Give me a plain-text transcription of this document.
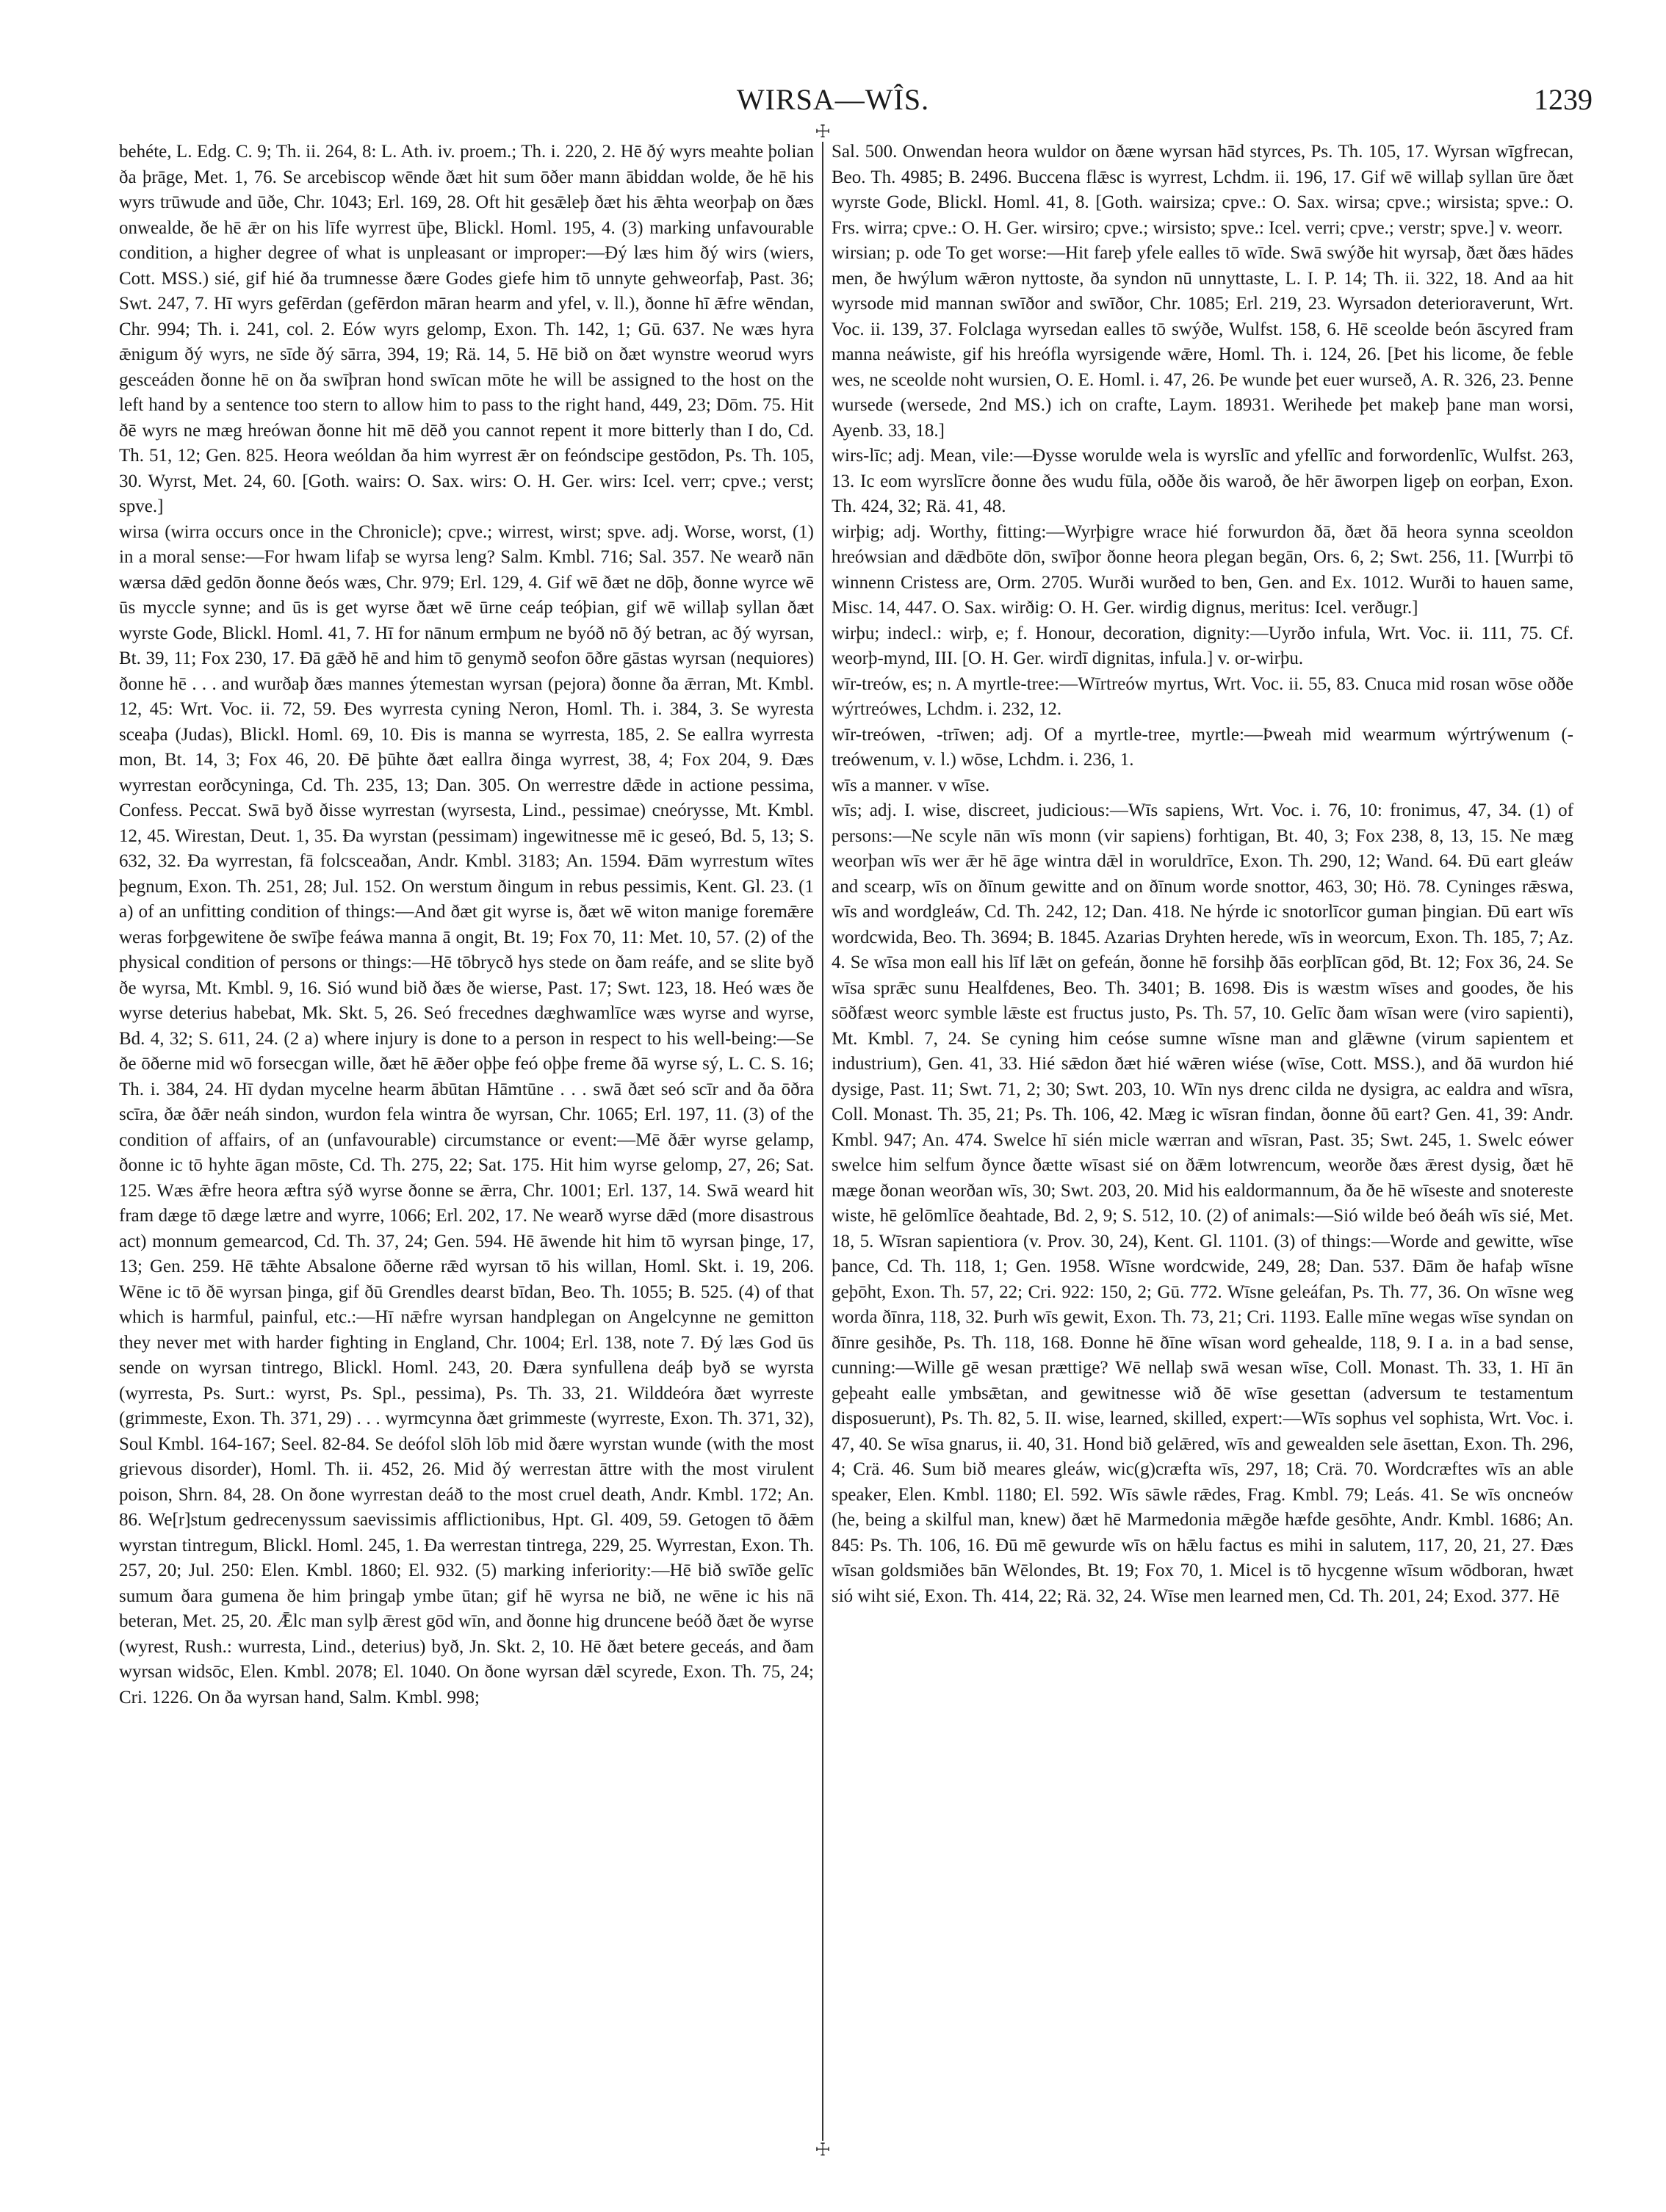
WIRSA—WÎS.	1239
☩
☩

behéte, L. Edg. C. 9; Th. ii. 264, 8: L. Ath. iv. proem.; Th. i. 220, 2. Hē ðý wyrs meahte þolian ða þrāge, Met. 1, 76. Se arcebiscop wēnde ðæt hit sum ōðer mann ābiddan wolde, ðe hē his wyrs trūwude and ūðe, Chr. 1043; Erl. 169, 28. Oft hit gesǣleþ ðæt his ǣhta weorþaþ on ðæs onwealde, ðe hē ǣr on his līfe wyrrest ūþe, Blickl. Homl. 195, 4. (3) marking unfavourable condition, a higher degree of what is unpleasant or improper:—Ðý læs him ðý wirs (wiers, Cott. MSS.) sié, gif hié ða trumnesse ðære Godes giefe him tō unnyte gehweorfaþ, Past. 36; Swt. 247, 7. Hī wyrs gefērdan (gefērdon māran hearm and yfel, v. ll.), ðonne hī ǣfre wēndan, Chr. 994; Th. i. 241, col. 2. Eów wyrs gelomp, Exon. Th. 142, 1; Gū. 637. Ne wæs hyra ǣnigum ðý wyrs, ne sīde ðý sārra, 394, 19; Rä. 14, 5. Hē bið on ðæt wynstre weorud wyrs gesceáden ðonne hē on ða swīþran hond swīcan mōte he will be assigned to the host on the left hand by a sentence too stern to allow him to pass to the right hand, 449, 23; Dōm. 75. Hit ðē wyrs ne mæg hreówan ðonne hit mē dēð you cannot repent it more bitterly than I do, Cd. Th. 51, 12; Gen. 825. Heora weóldan ða him wyrrest ǣr on feóndscipe gestōdon, Ps. Th. 105, 30. Wyrst, Met. 24, 60. [Goth. wairs: O. Sax. wirs: O. H. Ger. wirs: Icel. verr; cpve.; verst; spve.]

wirsa (wirra occurs once in the Chronicle); cpve.; wirrest, wirst; spve. adj. Worse, worst, (1) in a moral sense:—For hwam lifaþ se wyrsa leng? Salm. Kmbl. 716; Sal. 357. Ne wearð nān wærsa dǣd gedōn ðonne ðeós wæs, Chr. 979; Erl. 129, 4. Gif wē ðæt ne dōþ, ðonne wyrce wē ūs myccle synne; and ūs is get wyrse ðæt wē ūrne ceáp teóþian, gif wē willaþ syllan ðæt wyrste Gode, Blickl. Homl. 41, 7. Hī for nānum ermþum ne byóð nō ðý betran, ac ðý wyrsan, Bt. 39, 11; Fox 230, 17. Ðā gǣð hē and him tō genymð seofon ōðre gāstas wyrsan (nequiores) ðonne hē . . . and wurðaþ ðæs mannes ýtemestan wyrsan (pejora) ðonne ða ǣrran, Mt. Kmbl. 12, 45: Wrt. Voc. ii. 72, 59. Ðes wyrresta cyning Neron, Homl. Th. i. 384, 3. Se wyresta sceaþa (Judas), Blickl. Homl. 69, 10. Ðis is manna se wyrresta, 185, 2. Se eallra wyrresta mon, Bt. 14, 3; Fox 46, 20. Ðē þūhte ðæt eallra ðinga wyrrest, 38, 4; Fox 204, 9. Ðæs wyrrestan eorðcyninga, Cd. Th. 235, 13; Dan. 305. On werrestre dǣde in actione pessima, Confess. Peccat. Swā byð ðisse wyrrestan (wyrsesta, Lind., pessimae) cneórysse, Mt. Kmbl. 12, 45. Wirestan, Deut. 1, 35. Ða wyrstan (pessimam) ingewitnesse mē ic geseó, Bd. 5, 13; S. 632, 32. Ða wyrrestan, fā folcsceaðan, Andr. Kmbl. 3183; An. 1594. Ðām wyrrestum wītes þegnum, Exon. Th. 251, 28; Jul. 152. On werstum ðingum in rebus pessimis, Kent. Gl. 23. (1 a) of an unfitting condition of things:—And ðæt git wyrse is, ðæt wē witon manige foremǣre weras forþgewitene ðe swīþe feáwa manna ā ongit, Bt. 19; Fox 70, 11: Met. 10, 57. (2) of the physical condition of persons or things:—Hē tōbrycð hys stede on ðam reáfe, and se slite byð ðe wyrsa, Mt. Kmbl. 9, 16. Sió wund bið ðæs ðe wierse, Past. 17; Swt. 123, 18. Heó wæs ðe wyrse deterius habebat, Mk. Skt. 5, 26. Seó frecednes dæghwamlīce wæs wyrse and wyrse, Bd. 4, 32; S. 611, 24. (2 a) where injury is done to a person in respect to his well-being:—Se ðe ōðerne mid wō forsecgan wille, ðæt hē ǣðer oþþe feó oþþe freme ðā wyrse sý, L. C. S. 16; Th. i. 384, 24. Hī dydan mycelne hearm ābūtan Hāmtūne . . . swā ðæt seó scīr and ða ōðra scīra, ðæ ðǣr neáh sindon, wurdon fela wintra ðe wyrsan, Chr. 1065; Erl. 197, 11. (3) of the condition of affairs, of an (unfavourable) circumstance or event:—Mē ðǣr wyrse gelamp, ðonne ic tō hyhte āgan mōste, Cd. Th. 275, 22; Sat. 175. Hit him wyrse gelomp, 27, 26; Sat. 125. Wæs ǣfre heora æftra sýð wyrse ðonne se ǣrra, Chr. 1001; Erl. 137, 14. Swā weard hit fram dæge tō dæge lætre and wyrre, 1066; Erl. 202, 17. Ne wearð wyrse dǣd (more disastrous act) monnum gemearcod, Cd. Th. 37, 24; Gen. 594. Hē āwende hit him tō wyrsan þinge, 17, 13; Gen. 259. Hē tǣhte Absalone ōðerne rǣd wyrsan tō his willan, Homl. Skt. i. 19, 206. Wēne ic tō ðē wyrsan þinga, gif ðū Grendles dearst bīdan, Beo. Th. 1055; B. 525. (4) of that which is harmful, painful, etc.:—Hī nǣfre wyrsan handplegan on Angelcynne ne gemitton they never met with harder fighting in England, Chr. 1004; Erl. 138, note 7. Ðý læs God ūs sende on wyrsan tintrego, Blickl. Homl. 243, 20. Ðæra synfullena deáþ byð se wyrsta (wyrresta, Ps. Surt.: wyrst, Ps. Spl., pessima), Ps. Th. 33, 21. Wilddeóra ðæt wyrreste (grimmeste, Exon. Th. 371, 29) . . . wyrmcynna ðæt grimmeste (wyrreste, Exon. Th. 371, 32), Soul Kmbl. 164-167; Seel. 82-84. Se deófol slōh lōb mid ðære wyrstan wunde (with the most grievous disorder), Homl. Th. ii. 452, 26. Mid ðý werrestan āttre with the most virulent poison, Shrn. 84, 28. On ðone wyrrestan deáð to the most cruel death, Andr. Kmbl. 172; An. 86. We[r]stum gedrecenyssum saevissimis afflictionibus, Hpt. Gl. 409, 59. Getogen tō ðǣm wyrstan tintregum, Blickl. Homl. 245, 1. Ða werrestan tintrega, 229, 25. Wyrrestan, Exon. Th. 257, 20; Jul. 250: Elen. Kmbl. 1860; El. 932. (5) marking inferiority:—Hē bið swīðe gelīc sumum ðara gumena ðe him þringaþ ymbe ūtan; gif hē wyrsa ne bið, ne wēne ic his nā beteran, Met. 25, 20. Ǣlc man sylþ ǣrest gōd wīn, and ðonne hig druncene beóð ðæt ðe wyrse (wyrest, Rush.: wurresta, Lind., deterius) byð, Jn. Skt. 2, 10. Hē ðæt betere geceás, and ðam wyrsan widsōc, Elen. Kmbl. 2078; El. 1040. On ðone wyrsan dǣl scyrede, Exon. Th. 75, 24; Cri. 1226. On ða wyrsan hand, Salm. Kmbl. 998;

Sal. 500. Onwendan heora wuldor on ðæne wyrsan hād styrces, Ps. Th. 105, 17. Wyrsan wīgfrecan, Beo. Th. 4985; B. 2496. Buccena flǣsc is wyrrest, Lchdm. ii. 196, 17. Gif wē willaþ syllan ūre ðæt wyrste Gode, Blickl. Homl. 41, 8. [Goth. wairsiza; cpve.: O. Sax. wirsa; cpve.; wirsista; spve.: O. Frs. wirra; cpve.: O. H. Ger. wirsiro; cpve.; wirsisto; spve.: Icel. verri; cpve.; verstr; spve.] v. weorr.

wirsian; p. ode To get worse:—Hit fareþ yfele ealles tō wīde. Swā swýðe hit wyrsaþ, ðæt ðæs hādes men, ðe hwýlum wǣron nyttoste, ða syndon nū unnyttaste, L. I. P. 14; Th. ii. 322, 18. And aa hit wyrsode mid mannan swīðor and swīðor, Chr. 1085; Erl. 219, 23. Wyrsadon deterioraverunt, Wrt. Voc. ii. 139, 37. Folclaga wyrsedan ealles tō swýðe, Wulfst. 158, 6. Hē sceolde beón āscyred fram manna neáwiste, gif his hreófla wyrsigende wǣre, Homl. Th. i. 124, 26. [Þet his licome, ðe feble wes, ne sceolde noht wursien, O. E. Homl. i. 47, 26. Þe wunde þet euer wurseð, A. R. 326, 23. Þenne wursede (wersede, 2nd MS.) ich on crafte, Laym. 18931. Werihede þet makeþ þane man worsi, Ayenb. 33, 18.]

wirs-līc; adj. Mean, vile:—Ðysse worulde wela is wyrslīc and yfellīc and forwordenlīc, Wulfst. 263, 13. Ic eom wyrslīcre ðonne ðes wudu fūla, oððe ðis waroð, ðe hēr āworpen ligeþ on eorþan, Exon. Th. 424, 32; Rä. 41, 48.

wirþig; adj. Worthy, fitting:—Wyrþigre wrace hié forwurdon ðā, ðæt ðā heora synna sceoldon hreówsian and dǣdbōte dōn, swīþor ðonne heora plegan begān, Ors. 6, 2; Swt. 256, 11. [Wurrþi tō winnenn Cristess are, Orm. 2705. Wurði wurðed to ben, Gen. and Ex. 1012. Wurði to hauen same, Misc. 14, 447. O. Sax. wirðig: O. H. Ger. wirdig dignus, meritus: Icel. verðugr.]

wirþu; indecl.: wirþ, e; f. Honour, decoration, dignity:—Uyrðo infula, Wrt. Voc. ii. 111, 75. Cf. weorþ-mynd, III. [O. H. Ger. wirdī dignitas, infula.] v. or-wirþu.

wīr-treów, es; n. A myrtle-tree:—Wīrtreów myrtus, Wrt. Voc. ii. 55, 83. Cnuca mid rosan wōse oððe wýrtreówes, Lchdm. i. 232, 12.

wīr-treówen, -trīwen; adj. Of a myrtle-tree, myrtle:—Þweah mid wearmum wýrtrýwenum (-treówenum, v. l.) wōse, Lchdm. i. 236, 1.

wīs a manner. v wīse.

wīs; adj. I. wise, discreet, judicious:—Wīs sapiens, Wrt. Voc. i. 76, 10: fronimus, 47, 34. (1) of persons:—Ne scyle nān wīs monn (vir sapiens) forhtigan, Bt. 40, 3; Fox 238, 8, 13, 15. Ne mæg weorþan wīs wer ǣr hē āge wintra dǣl in woruldrīce, Exon. Th. 290, 12; Wand. 64. Ðū eart gleáw and scearp, wīs on ðīnum gewitte and on ðīnum worde snottor, 463, 30; Hö. 78. Cyninges rǣswa, wīs and wordgleáw, Cd. Th. 242, 12; Dan. 418. Ne hýrde ic snotorlīcor guman þingian. Ðū eart wīs wordcwida, Beo. Th. 3694; B. 1845. Azarias Dryhten herede, wīs in weorcum, Exon. Th. 185, 7; Az. 4. Se wīsa mon eall his līf lǣt on gefeán, ðonne hē forsihþ ðās eorþlīcan gōd, Bt. 12; Fox 36, 24. Se wīsa sprǣc sunu Healfdenes, Beo. Th. 3401; B. 1698. Ðis is wæstm wīses and goodes, ðe his sōðfæst weorc symble lǣste est fructus justo, Ps. Th. 57, 10. Gelīc ðam wīsan were (viro sapienti), Mt. Kmbl. 7, 24. Se cyning him ceóse sumne wīsne man and glǣwne (virum sapientem et industrium), Gen. 41, 33. Hié sǣdon ðæt hié wǣren wiése (wīse, Cott. MSS.), and ðā wurdon hié dysige, Past. 11; Swt. 71, 2; 30; Swt. 203, 10. Wīn nys drenc cilda ne dysigra, ac ealdra and wīsra, Coll. Monast. Th. 35, 21; Ps. Th. 106, 42. Mæg ic wīsran findan, ðonne ðū eart? Gen. 41, 39: Andr. Kmbl. 947; An. 474. Swelce hī sién micle wærran and wīsran, Past. 35; Swt. 245, 1. Swelc eówer swelce him selfum ðynce ðætte wīsast sié on ðǣm lotwrencum, weorðe ðæs ǣrest dysig, ðæt hē mæge ðonan weorðan wīs, 30; Swt. 203, 20. Mid his ealdormannum, ða ðe hē wīseste and snotereste wiste, hē gelōmlīce ðeahtade, Bd. 2, 9; S. 512, 10. (2) of animals:—Sió wilde beó ðeáh wīs sié, Met. 18, 5. Wīsran sapientiora (v. Prov. 30, 24), Kent. Gl. 1101. (3) of things:—Worde and gewitte, wīse þance, Cd. Th. 118, 1; Gen. 1958. Wīsne wordcwide, 249, 28; Dan. 537. Ðām ðe hafaþ wīsne geþōht, Exon. Th. 57, 22; Cri. 922: 150, 2; Gū. 772. Wīsne geleáfan, Ps. Th. 77, 36. On wīsne weg worda ðīnra, 118, 32. Þurh wīs gewit, Exon. Th. 73, 21; Cri. 1193. Ealle mīne wegas wīse syndan on ðīnre gesihðe, Ps. Th. 118, 168. Ðonne hē ðīne wīsan word gehealde, 118, 9. I a. in a bad sense, cunning:—Wille gē wesan prættige? Wē nellaþ swā wesan wīse, Coll. Monast. Th. 33, 1. Hī ān geþeaht ealle ymbsǣtan, and gewitnesse wið ðē wīse gesettan (adversum te testamentum disposuerunt), Ps. Th. 82, 5. II. wise, learned, skilled, expert:—Wīs sophus vel sophista, Wrt. Voc. i. 47, 40. Se wīsa gnarus, ii. 40, 31. Hond bið gelǣred, wīs and gewealden sele āsettan, Exon. Th. 296, 4; Crä. 46. Sum bið meares gleáw, wic(g)cræfta wīs, 297, 18; Crä. 70. Wordcræftes wīs an able speaker, Elen. Kmbl. 1180; El. 592. Wīs sāwle rǣdes, Frag. Kmbl. 79; Leás. 41. Se wīs oncneów (he, being a skilful man, knew) ðæt hē Marmedonia mǣgðe hæfde gesōhte, Andr. Kmbl. 1686; An. 845: Ps. Th. 106, 16. Ðū mē gewurde wīs on hǣlu factus es mihi in salutem, 117, 20, 21, 27. Ðæs wīsan goldsmiðes bān Wēlondes, Bt. 19; Fox 70, 1. Micel is tō hycgenne wīsum wōdboran, hwæt sió wiht sié, Exon. Th. 414, 22; Rä. 32, 24. Wīse men learned men, Cd. Th. 201, 24; Exod. 377. Hē
